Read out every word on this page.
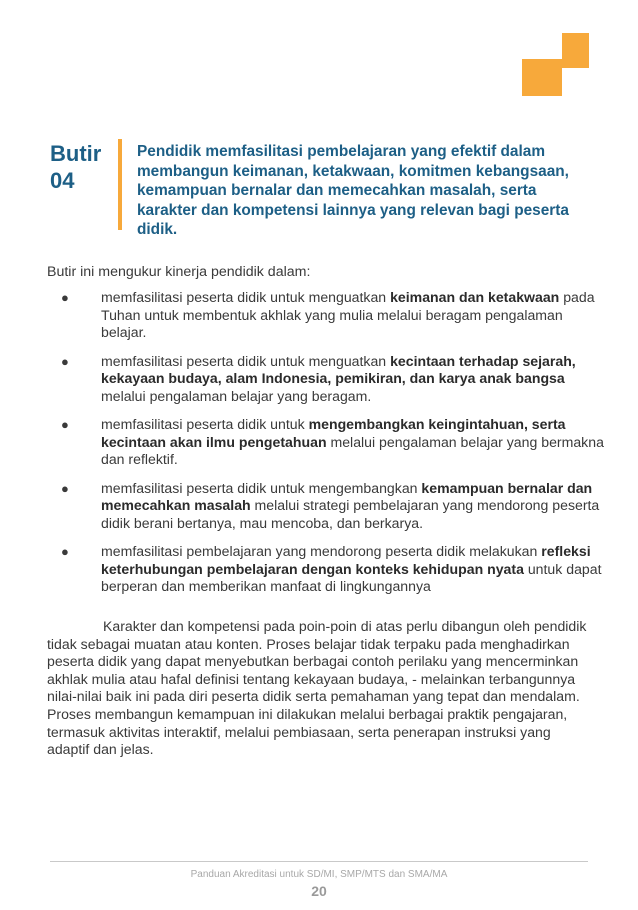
Butir
04
Pendidik memfasilitasi pembelajaran yang efektif dalam membangun keimanan, ketakwaan, komitmen kebangsaan, kemampuan bernalar dan memecahkan masalah, serta karakter dan kompetensi lainnya yang relevan bagi peserta didik.
Butir ini mengukur kinerja pendidik dalam:
● memfasilitasi peserta didik untuk menguatkan keimanan dan ketakwaan pada Tuhan untuk membentuk akhlak yang mulia melalui beragam pengalaman belajar.
● memfasilitasi peserta didik untuk menguatkan kecintaan terhadap sejarah, kekayaan budaya, alam Indonesia, pemikiran, dan karya anak bangsa melalui pengalaman belajar yang beragam.
● memfasilitasi peserta didik untuk mengembangkan keingintahuan, serta kecintaan akan ilmu pengetahuan melalui pengalaman belajar yang bermakna dan reflektif.
● memfasilitasi peserta didik untuk mengembangkan kemampuan bernalar dan memecahkan masalah melalui strategi pembelajaran yang mendorong peserta didik berani bertanya, mau mencoba, dan berkarya.
● memfasilitasi pembelajaran yang mendorong peserta didik melakukan refleksi keterhubungan pembelajaran dengan konteks kehidupan nyata untuk dapat berperan dan memberikan manfaat di lingkungannya

Karakter dan kompetensi pada poin-poin di atas perlu dibangun oleh pendidik tidak sebagai muatan atau konten. Proses belajar tidak terpaku pada menghadirkan peserta didik yang dapat menyebutkan berbagai contoh perilaku yang mencerminkan akhlak mulia atau hafal definisi tentang kekayaan budaya, - melainkan terbangunnya nilai-nilai baik ini pada diri peserta didik serta pemahaman yang tepat dan mendalam. Proses membangun kemampuan ini dilakukan melalui berbagai praktik pengajaran, termasuk aktivitas interaktif, melalui pembiasaan, serta penerapan instruksi yang adaptif dan jelas.

Panduan Akreditasi untuk SD/MI, SMP/MTS dan SMA/MA
20
